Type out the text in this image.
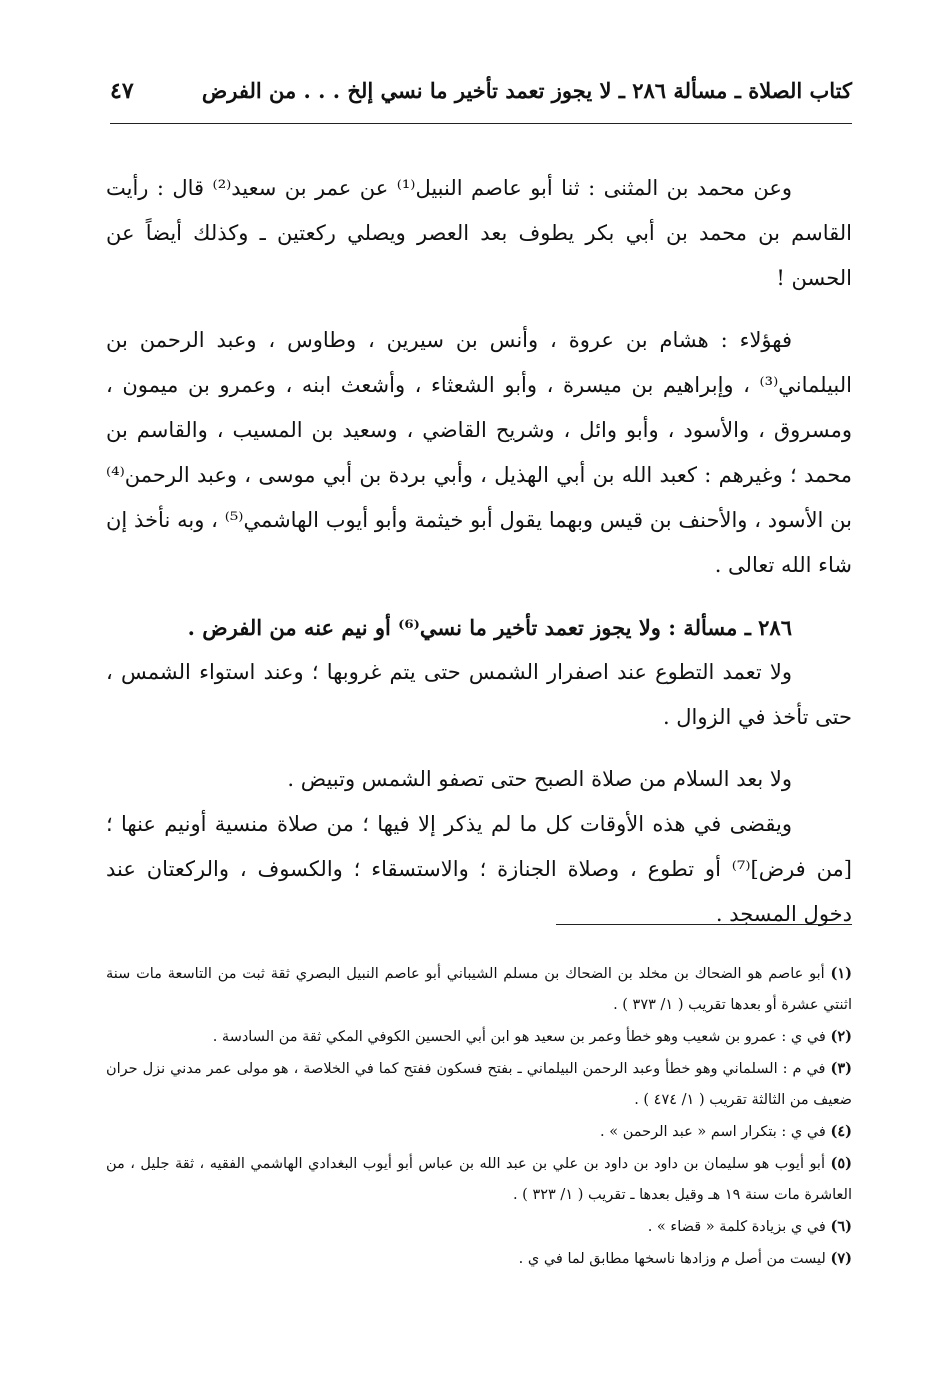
كتاب الصلاة ـ مسألة ٢٨٦ ـ لا يجوز تعمد تأخير ما نسي إلخ . . . من الفرض
٤٧

وعن محمد بن المثنى : ثنا أبو عاصم النبيل⁽¹⁾ عن عمر بن سعيد⁽²⁾ قال : رأيت القاسم بن محمد بن أبي بكر يطوف بعد العصر ويصلي ركعتين ـ وكذلك أيضاً عن الحسن !

فهؤلاء : هشام بن عروة ، وأنس بن سيرين ، وطاوس ، وعبد الرحمن بن البيلماني⁽³⁾ ، وإبراهيم بن ميسرة ، وأبو الشعثاء ، وأشعث ابنه ، وعمرو بن ميمون ، ومسروق ، والأسود ، وأبو وائل ، وشريح القاضي ، وسعيد بن المسيب ، والقاسم بن محمد ؛ وغيرهم : كعبد الله بن أبي الهذيل ، وأبي بردة بن أبي موسى ، وعبد الرحمن⁽⁴⁾ بن الأسود ، والأحنف بن قيس وبهما يقول أبو خيثمة وأبو أيوب الهاشمي⁽⁵⁾ ، وبه نأخذ إن شاء الله تعالى .

٢٨٦ ـ مسألة : ولا يجوز تعمد تأخير ما نسي⁽⁶⁾ أو نيم عنه من الفرض .

ولا تعمد التطوع عند اصفرار الشمس حتى يتم غروبها ؛ وعند استواء الشمس ، حتى تأخذ في الزوال .

ولا بعد السلام من صلاة الصبح حتى تصفو الشمس وتبيض .

ويقضى في هذه الأوقات كل ما لم يذكر إلا فيها ؛ من صلاة منسية أونيم عنها ؛ [من فرض]⁽⁷⁾ أو تطوع ، وصلاة الجنازة ؛ والاستسقاء ؛ والكسوف ، والركعتان عند دخول المسجد .

(١) أبو عاصم هو الضحاك بن مخلد بن الضحاك بن مسلم الشيباني أبو عاصم النبيل البصري ثقة ثبت من التاسعة مات سنة اثنتي عشرة أو بعدها تقريب ( ١/ ٣٧٣ ) .

(٢) في ي : عمرو بن شعيب وهو خطأ وعمر بن سعيد هو ابن أبي الحسين الكوفي المكي ثقة من السادسة .

(٣) في م : السلماني وهو خطأ وعبد الرحمن البيلماني ـ بفتح فسكون ففتح كما في الخلاصة ، هو مولى عمر مدني نزل حران ضعيف من الثالثة تقريب ( ١/ ٤٧٤ ) .

(٤) في ي : بتكرار اسم « عبد الرحمن » .

(٥) أبو أيوب هو سليمان بن داود بن داود بن علي بن عبد الله بن عباس أبو أيوب البغدادي الهاشمي الفقيه ، ثقة جليل ، من العاشرة مات سنة ١٩ هـ وقيل بعدها ـ تقريب ( ١/ ٣٢٣ ) .

(٦) في ي بزيادة كلمة « قضاء » .

(٧) ليست من أصل م وزادها ناسخها مطابق لما في ي .
